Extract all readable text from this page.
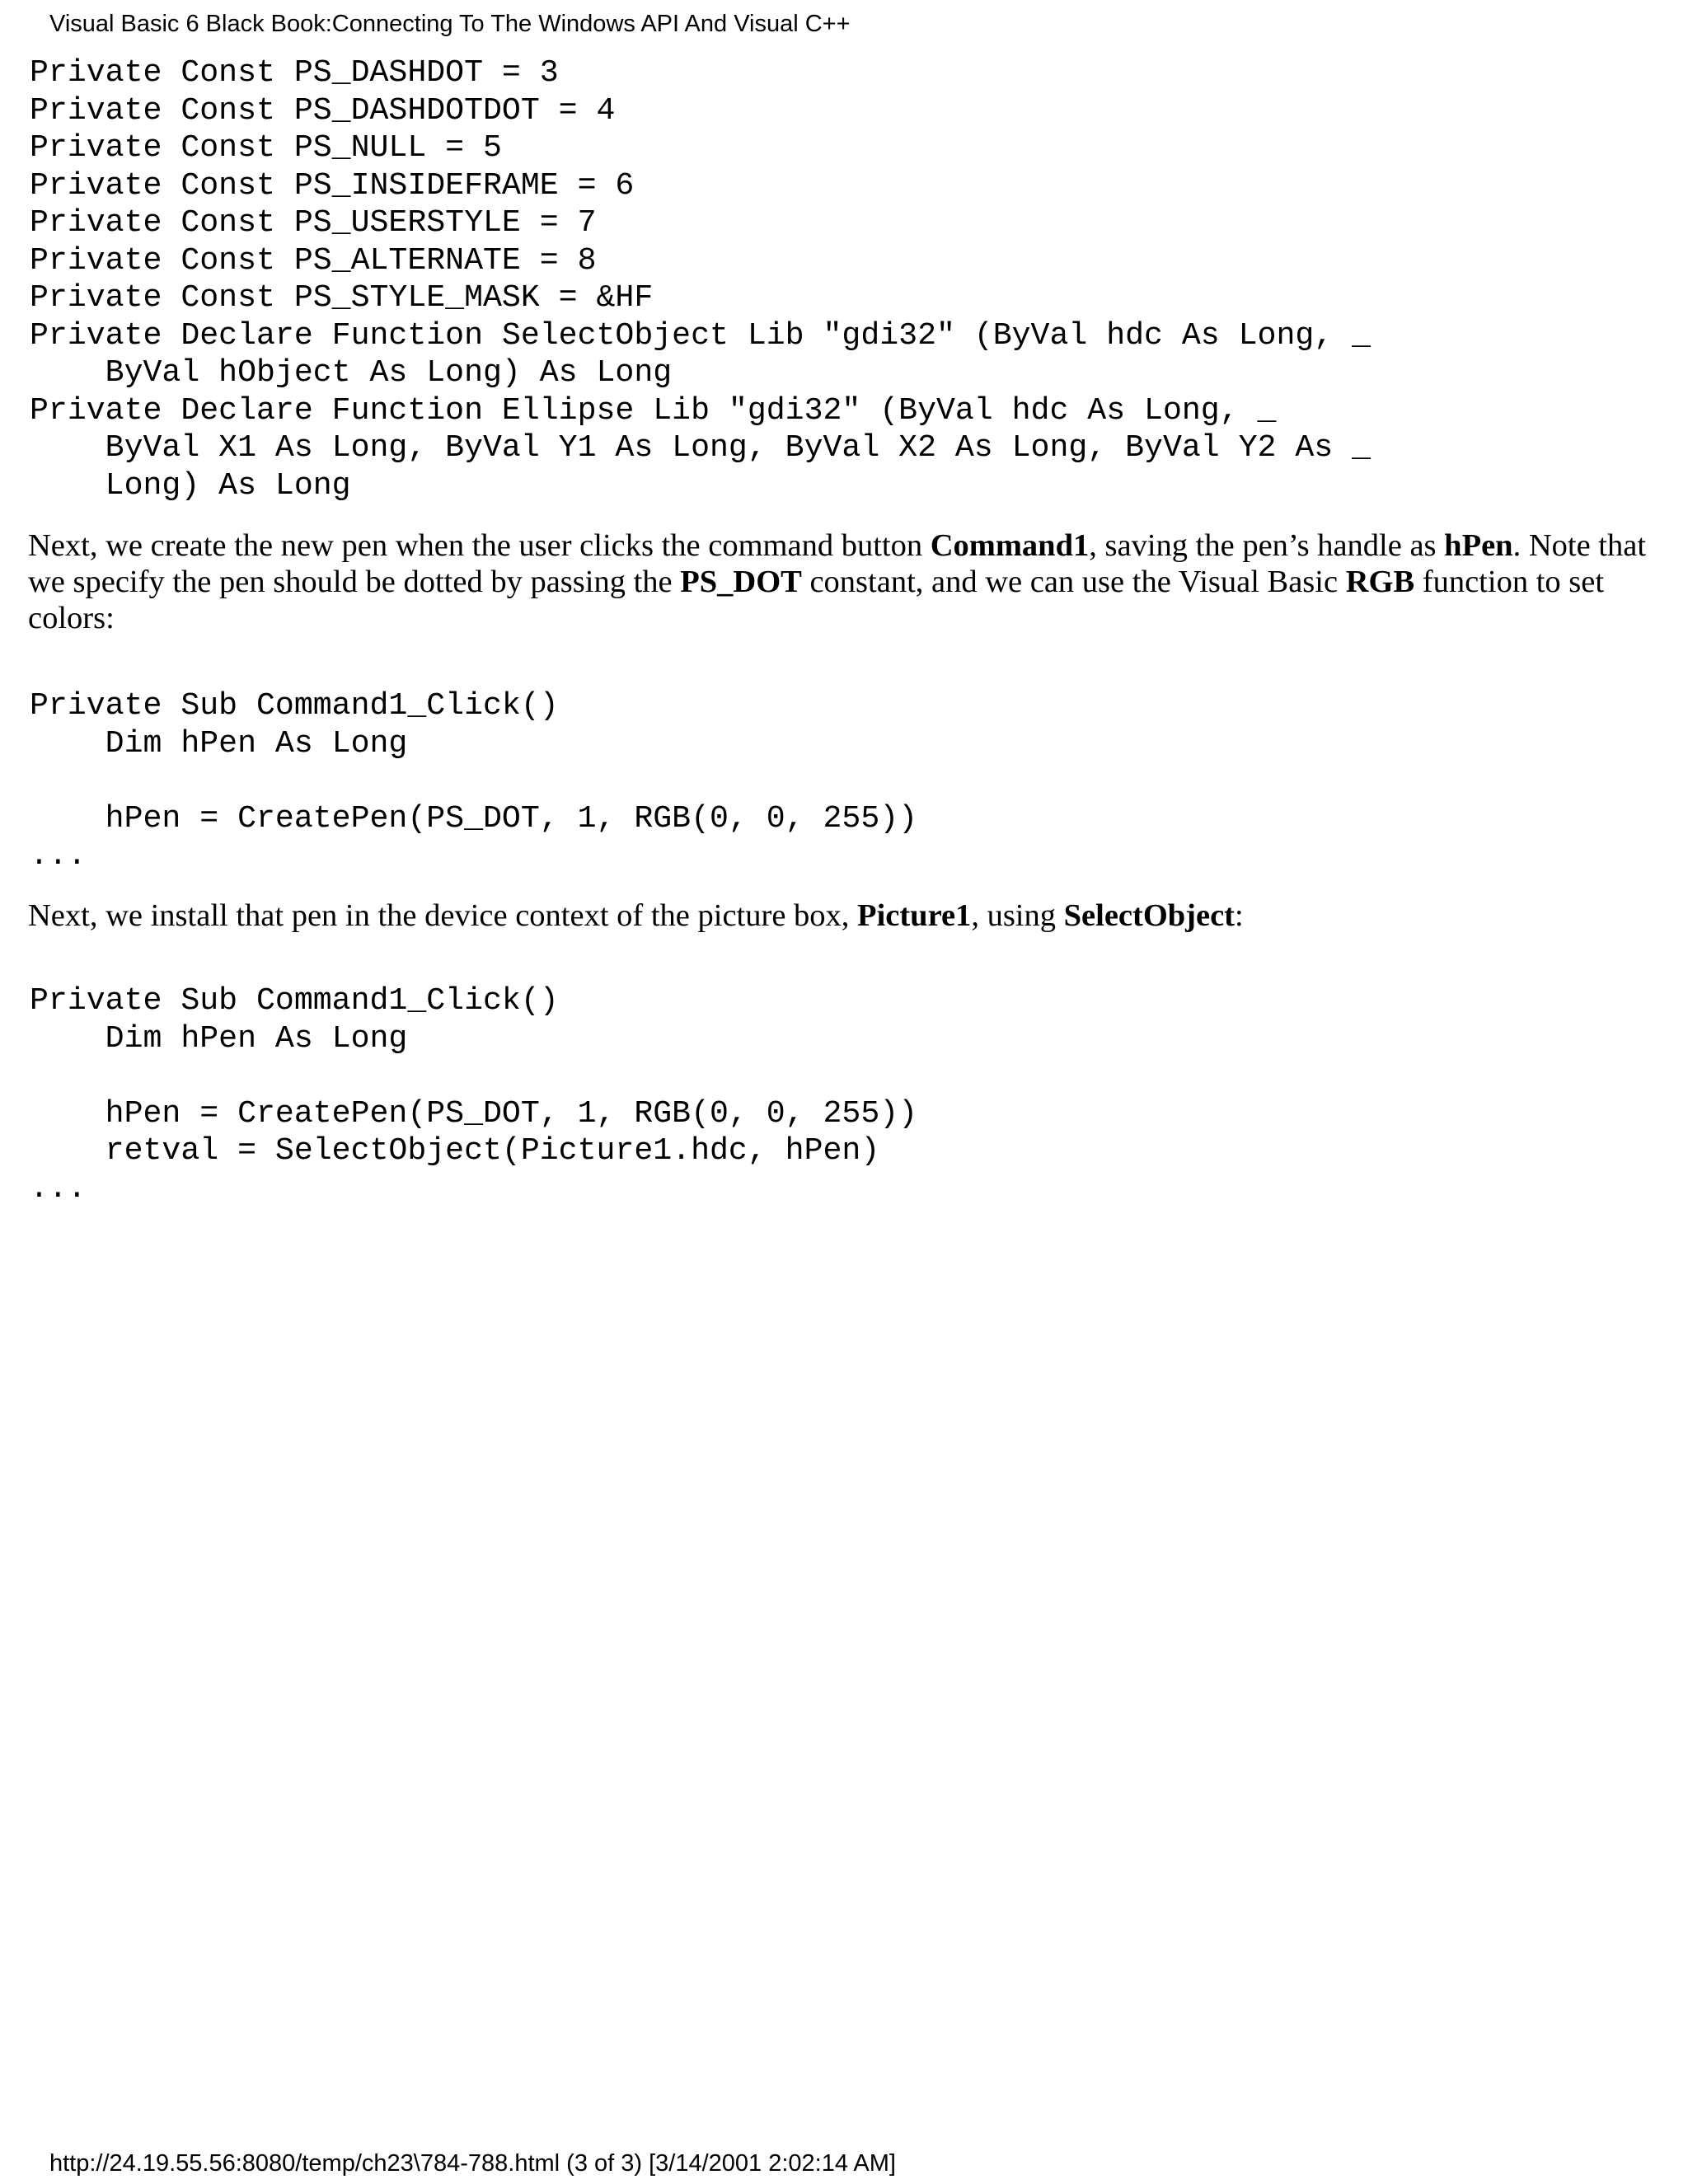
Visual Basic 6 Black Book:Connecting To The Windows API And Visual C++
Private Const PS_DASHDOT = 3
Private Const PS_DASHDOTDOT = 4
Private Const PS_NULL = 5
Private Const PS_INSIDEFRAME = 6
Private Const PS_USERSTYLE = 7
Private Const PS_ALTERNATE = 8
Private Const PS_STYLE_MASK = &HF
Private Declare Function SelectObject Lib "gdi32" (ByVal hdc As Long, _
ByVal hObject As Long) As Long
Private Declare Function Ellipse Lib "gdi32" (ByVal hdc As Long, _
ByVal X1 As Long, ByVal Y1 As Long, ByVal X2 As Long, ByVal Y2 As _
Long) As Long

Next, we create the new pen when the user clicks the command button Command1, saving the pen’s handle as hPen. Note that we specify the pen should be dotted by passing the PS_DOT constant, and we can use the Visual Basic RGB function to set colors:

Private Sub Command1_Click()
Dim hPen As Long
hPen = CreatePen(PS_DOT, 1, RGB(0, 0, 255))
...

Next, we install that pen in the device context of the picture box, Picture1, using SelectObject:

Private Sub Command1_Click()
Dim hPen As Long
hPen = CreatePen(PS_DOT, 1, RGB(0, 0, 255))
retval = SelectObject(Picture1.hdc, hPen)
...
http://24.19.55.56:8080/temp/ch23\784-788.html (3 of 3) [3/14/2001 2:02:14 AM]
